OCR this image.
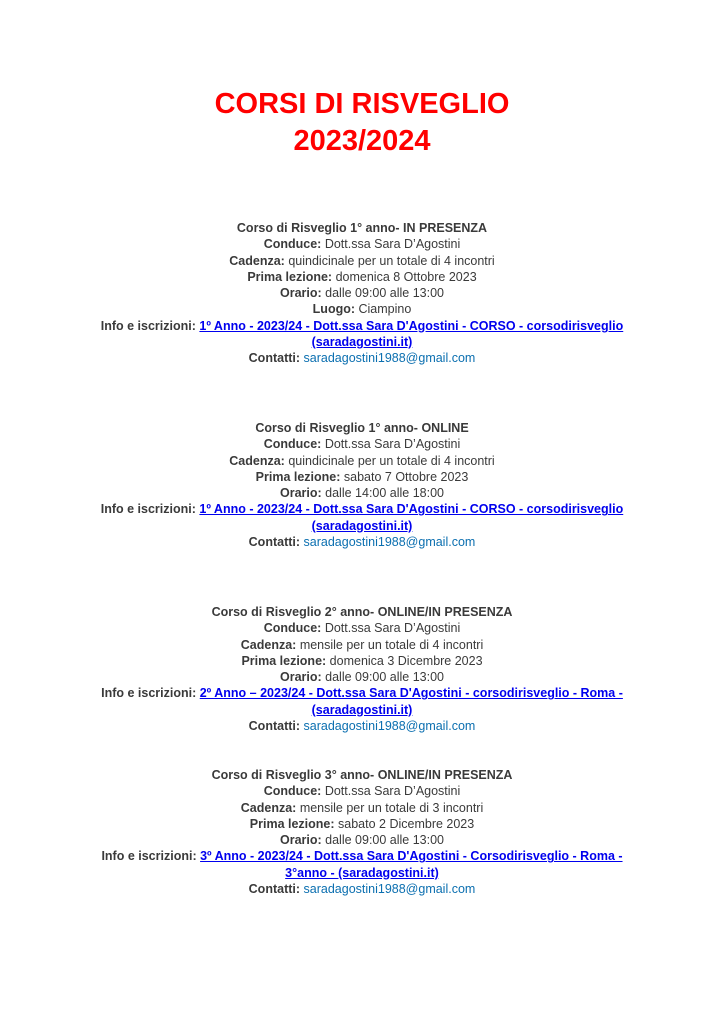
CORSI DI RISVEGLIO
2023/2024
Corso di Risveglio 1° anno- IN PRESENZA
Conduce: Dott.ssa Sara D’Agostini
Cadenza: quindicinale per un totale di 4 incontri
Prima lezione: domenica 8 Ottobre 2023
Orario: dalle 09:00 alle 13:00
Luogo: Ciampino
Info e iscrizioni: 1º Anno - 2023/24 - Dott.ssa Sara D'Agostini - CORSO - corsodirisveglio
(saradagostini.it)
Contatti: saradagostini1988@gmail.com
Corso di Risveglio 1° anno- ONLINE
Conduce: Dott.ssa Sara D’Agostini
Cadenza: quindicinale per un totale di 4 incontri
Prima lezione: sabato 7 Ottobre 2023
Orario: dalle 14:00 alle 18:00
Info e iscrizioni: 1º Anno - 2023/24 - Dott.ssa Sara D'Agostini - CORSO - corsodirisveglio
(saradagostini.it)
Contatti: saradagostini1988@gmail.com
Corso di Risveglio 2° anno- ONLINE/IN PRESENZA
Conduce: Dott.ssa Sara D’Agostini
Cadenza: mensile per un totale di 4 incontri
Prima lezione: domenica 3 Dicembre 2023
Orario: dalle 09:00 alle 13:00
Info e iscrizioni: 2º Anno – 2023/24 - Dott.ssa Sara D'Agostini - corsodirisveglio - Roma -
(saradagostini.it)
Contatti: saradagostini1988@gmail.com
Corso di Risveglio 3° anno- ONLINE/IN PRESENZA
Conduce: Dott.ssa Sara D’Agostini
Cadenza: mensile per un totale di 3 incontri
Prima lezione: sabato 2 Dicembre 2023
Orario: dalle 09:00 alle 13:00
Info e iscrizioni: 3º Anno - 2023/24 - Dott.ssa Sara D'Agostini - Corsodirisveglio - Roma -
3°anno - (saradagostini.it)
Contatti: saradagostini1988@gmail.com
